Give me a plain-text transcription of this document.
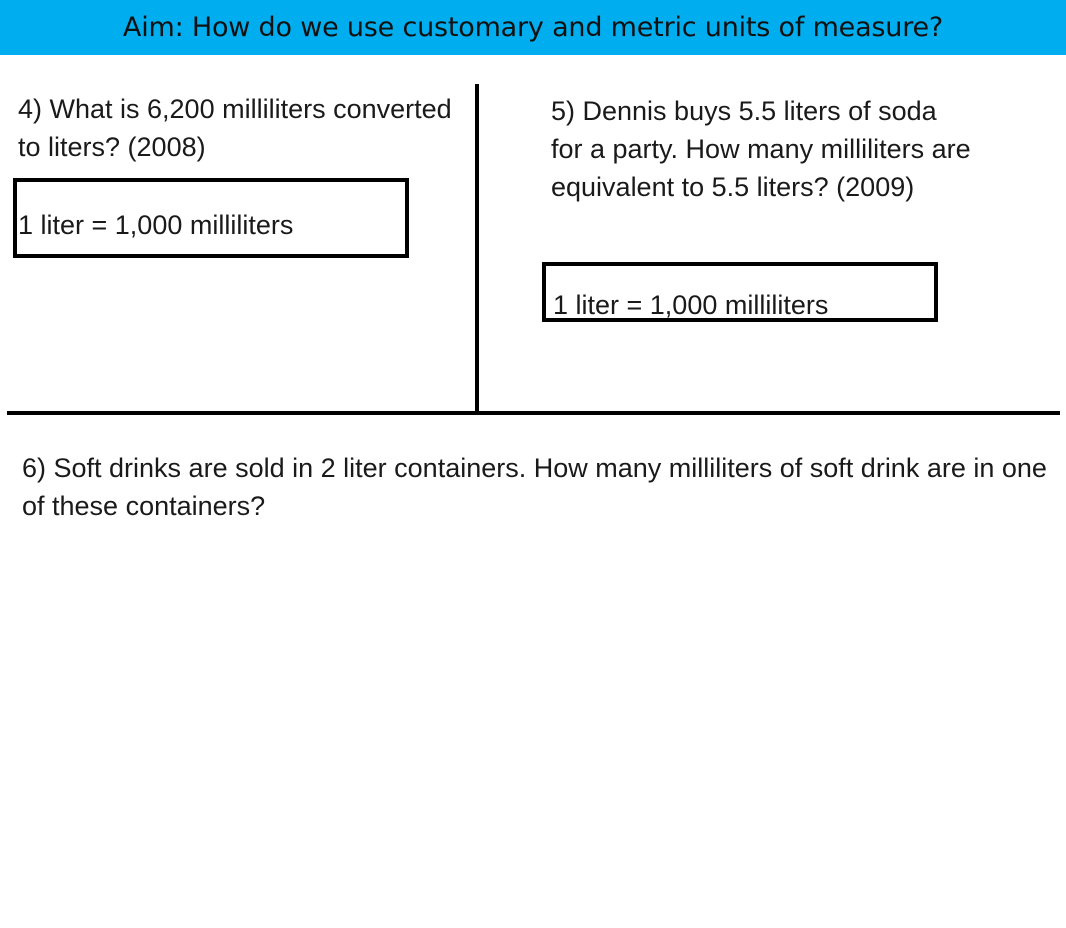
Aim: How do we use customary and metric units of measure?

4) What is 6,200 milliliters converted to liters? (2008)

1 liter = 1,000 milliliters

5) Dennis buys 5.5 liters of soda for a party. How many milliliters are equivalent to 5.5 liters? (2009)

1 liter = 1,000 milliliters

6) Soft drinks are sold in 2 liter containers. How many milliliters of soft drink are in one of these containers?
